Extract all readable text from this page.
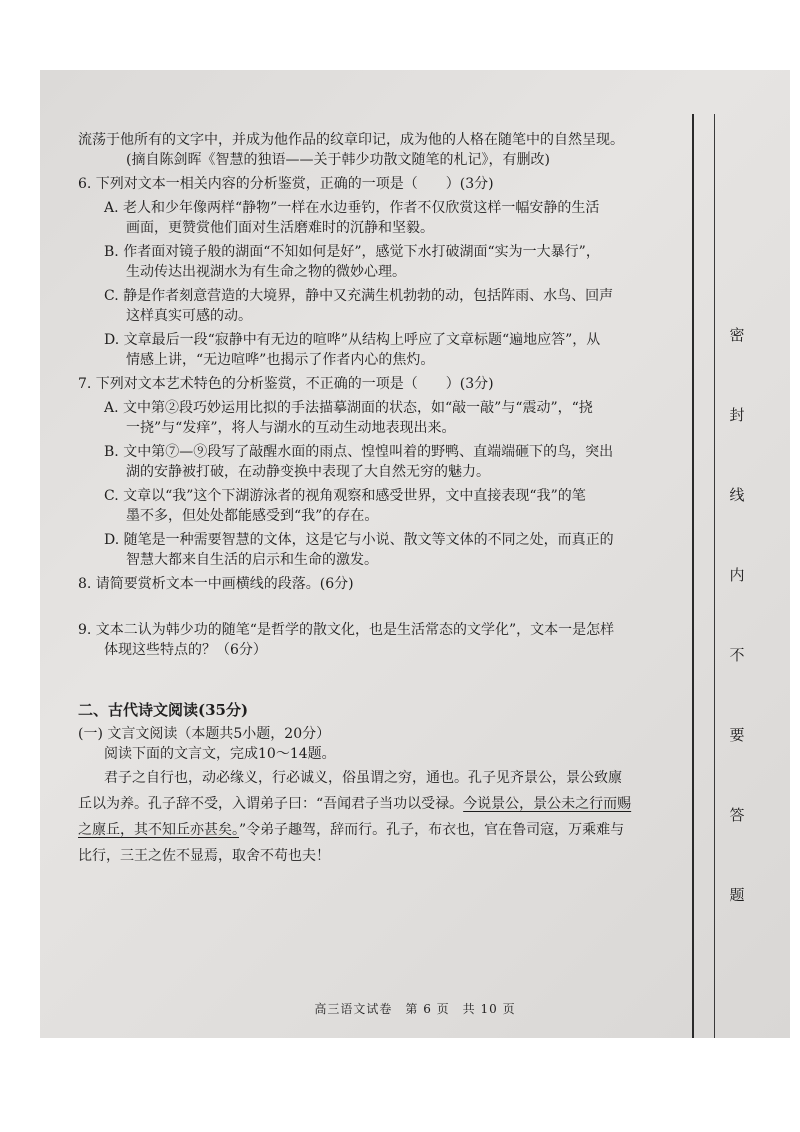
流荡于他所有的文字中，并成为他作品的纹章印记，成为他的人格在随笔中的自然呈现。
(摘自陈剑晖《智慧的独语——关于韩少功散文随笔的札记》，有删改)
6. 下列对文本一相关内容的分析鉴赏，正确的一项是（　　）(3分)
A. 老人和少年像两样“静物”一样在水边垂钓，作者不仅欣赏这样一幅安静的生活
画面，更赞赏他们面对生活磨难时的沉静和坚毅。
B. 作者面对镜子般的湖面“不知如何是好”，感觉下水打破湖面“实为一大暴行”，
生动传达出视湖水为有生命之物的微妙心理。
C. 静是作者刻意营造的大境界，静中又充满生机勃勃的动，包括阵雨、水鸟、回声
这样真实可感的动。
D. 文章最后一段“寂静中有无边的喧哗”从结构上呼应了文章标题“遍地应答”，从
情感上讲，“无边喧哗”也揭示了作者内心的焦灼。
7. 下列对文本艺术特色的分析鉴赏，不正确的一项是（　　）(3分)
A. 文中第②段巧妙运用比拟的手法描摹湖面的状态，如“敲一敲”与“震动”，“挠
一挠”与“发痒”，将人与湖水的互动生动地表现出来。
B. 文中第⑦—⑨段写了敲醒水面的雨点、惶惶叫着的野鸭、直端端砸下的鸟，突出
湖的安静被打破，在动静变换中表现了大自然无穷的魅力。
C. 文章以“我”这个下湖游泳者的视角观察和感受世界，文中直接表现“我”的笔
墨不多，但处处都能感受到“我”的存在。
D. 随笔是一种需要智慧的文体，这是它与小说、散文等文体的不同之处，而真正的
智慧大都来自生活的启示和生命的激发。
8. 请简要赏析文本一中画横线的段落。(6分)
9. 文本二认为韩少功的随笔“是哲学的散文化，也是生活常态的文学化”，文本一是怎样
体现这些特点的？（6分）
二、古代诗文阅读(35分)
(一) 文言文阅读（本题共5小题，20分）
阅读下面的文言文，完成10～14题。
君子之自行也，动必缘义，行必诚义，俗虽谓之穷，通也。孔子见齐景公，景公致廪
丘以为养。孔子辞不受，入谓弟子曰：“吾闻君子当功以受禄。今说景公，景公未之行而赐
之廪丘，其不知丘亦甚矣。”令弟子趣驾，辞而行。孔子，布衣也，官在鲁司寇，万乘难与
比行，三王之佐不显焉，取舍不苟也夫！
密
封
线
内
不
要
答
题
高三语文试卷　第 6 页　共 10 页
